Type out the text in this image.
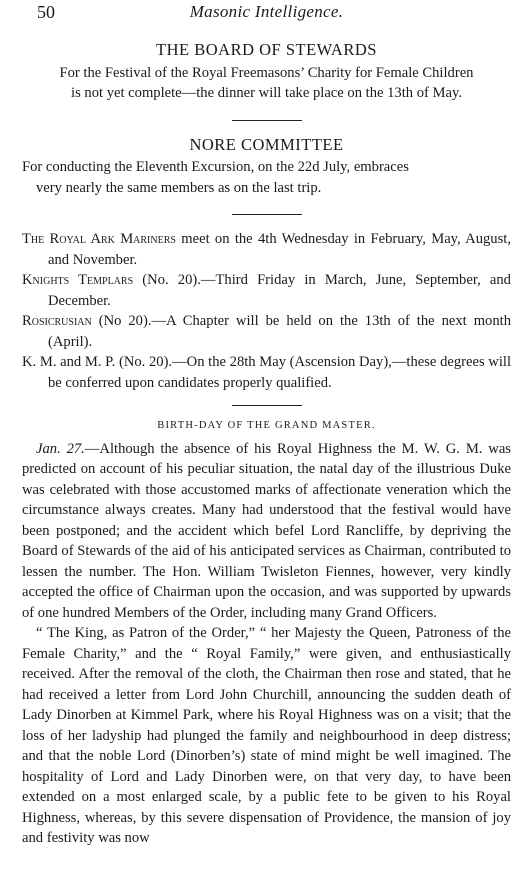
50	Masonic Intelligence.
THE BOARD OF STEWARDS

For the Festival of the Royal Freemasons’ Charity for Female Children

is not yet complete—the dinner will take place on the 13th of May.

NORE COMMITTEE

For conducting the Eleventh Excursion, on the 22d July, embraces

very nearly the same members as on the last trip.

The Royal Ark Mariners meet on the 4th Wednesday in February, May, August, and November.

Knights Templars (No. 20).—Third Friday in March, June, September, and December.

Rosicrusian (No 20).—A Chapter will be held on the 13th of the next month (April).

K. M. and M. P. (No. 20).—On the 28th May (Ascension Day),—these degrees will be conferred upon candidates properly qualified.

BIRTH-DAY OF THE GRAND MASTER.

Jan. 27.—Although the absence of his Royal Highness the M. W. G. M. was predicted on account of his peculiar situation, the natal day of the illustrious Duke was celebrated with those accustomed marks of affectionate veneration which the circumstance always creates. Many had understood that the festival would have been postponed; and the accident which befel Lord Rancliffe, by depriving the Board of Stewards of the aid of his anticipated services as Chairman, contributed to lessen the number. The Hon. William Twisleton Fiennes, however, very kindly accepted the office of Chairman upon the occasion, and was supported by upwards of one hundred Members of the Order, including many Grand Officers.

“ The King, as Patron of the Order,” “ her Majesty the Queen, Patroness of the Female Charity,” and the “ Royal Family,” were given, and enthusiastically received. After the removal of the cloth, the Chairman then rose and stated, that he had received a letter from Lord John Churchill, announcing the sudden death of Lady Dinorben at Kimmel Park, where his Royal Highness was on a visit; that the loss of her ladyship had plunged the family and neighbourhood in deep distress; and that the noble Lord (Dinorben’s) state of mind might be well imagined. The hospitality of Lord and Lady Dinorben were, on that very day, to have been extended on a most enlarged scale, by a public fete to be given to his Royal Highness, whereas, by this severe dispensation of Providence, the mansion of joy and festivity was now
